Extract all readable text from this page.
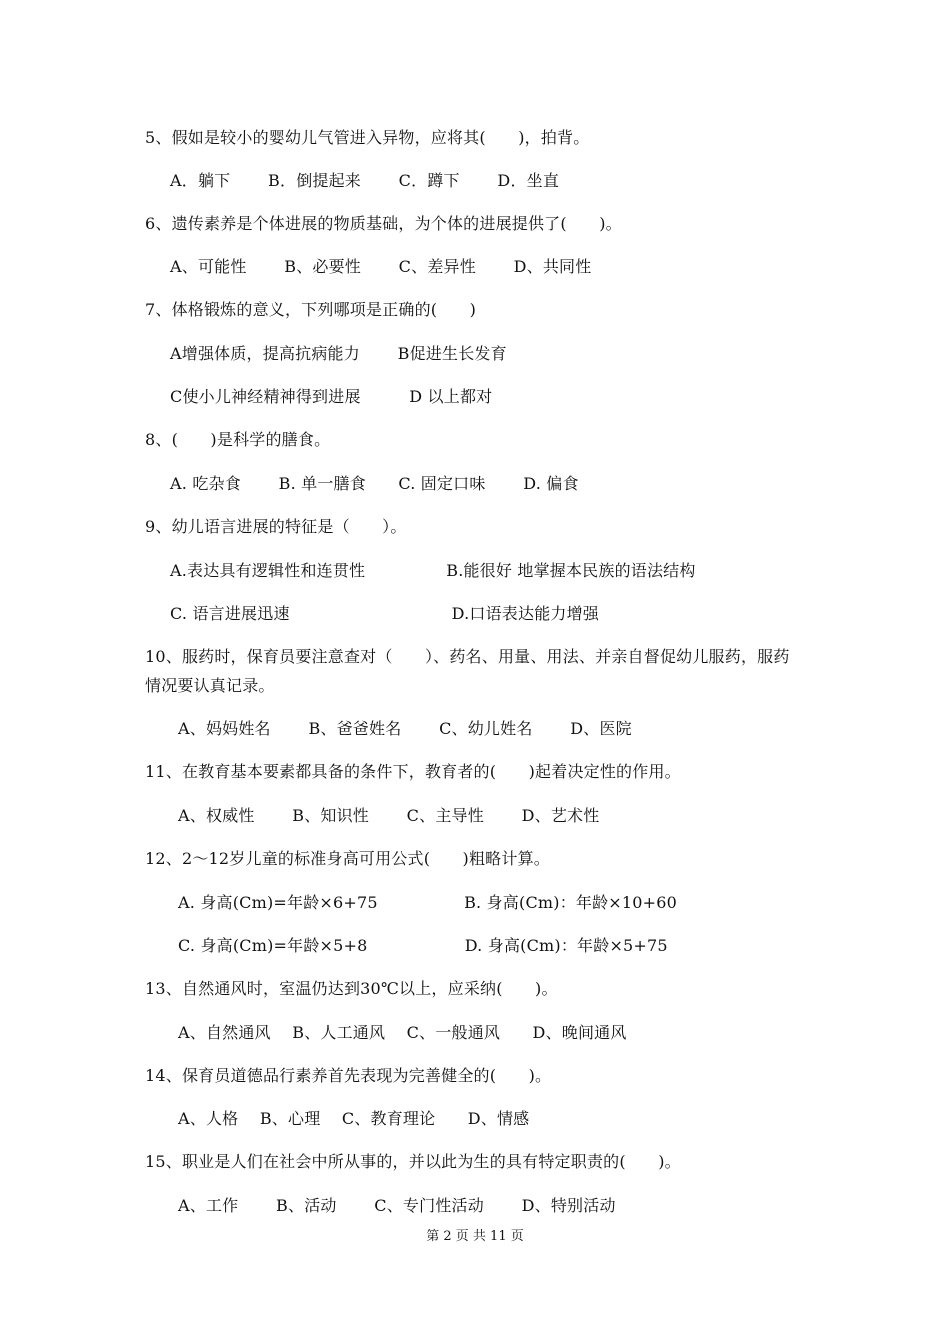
5、假如是较小的婴幼儿气管进入异物，应将其(　　)，拍背。
A．躺下　　 B．倒提起来　　 C．蹲下　　 D．坐直
6、遗传素养是个体进展的物质基础，为个体的进展提供了(　　)。
A、可能性　　 B、必要性　　 C、差异性　　 D、共同性
7、体格锻炼的意义，下列哪项是正确的(　　)
A增强体质，提高抗病能力　　 B促进生长发育
C使小儿神经精神得到进展　　　D 以上都对
8、(　　)是科学的膳食。
A. 吃杂食　　 B. 单一膳食　　C. 固定口味　　 D. 偏食
9、幼儿语言进展的特征是（　　）。
A.表达具有逻辑性和连贯性　　　　　B.能很好 地掌握本民族的语法结构
C. 语言进展迅速　　　　　　　　　　D.口语表达能力增强
10、服药时，保育员要注意查对（　　）、药名、用量、用法、并亲自督促幼儿服药，服药
情况要认真记录。
A、妈妈姓名　　 B、爸爸姓名　　 C、幼儿姓名　　 D、医院
11、在教育基本要素都具备的条件下，教育者的(　　)起着决定性的作用。
A、权威性　　 B、知识性　　 C、主导性　　 D、艺术性
12、2～12岁儿童的标准身高可用公式(　　)粗略计算。
A. 身高(Cm)=年龄×6+75　　　　　 B. 身高(Cm)：年龄×10+60
C. 身高(Cm)=年龄×5+8　　　　　　D. 身高(Cm)：年龄×5+75
13、自然通风时，室温仍达到30℃以上，应采纳(　　)。
A、自然通风　 B、人工通风　 C、一般通风　　D、晚间通风
14、保育员道德品行素养首先表现为完善健全的(　　)。
A、人格　 B、心理　 C、教育理论　　D、情感
15、职业是人们在社会中所从事的，并以此为生的具有特定职责的(　　)。
A、工作　　 B、活动　　 C、专门性活动　　 D、特别活动
第 2 页 共 11 页
